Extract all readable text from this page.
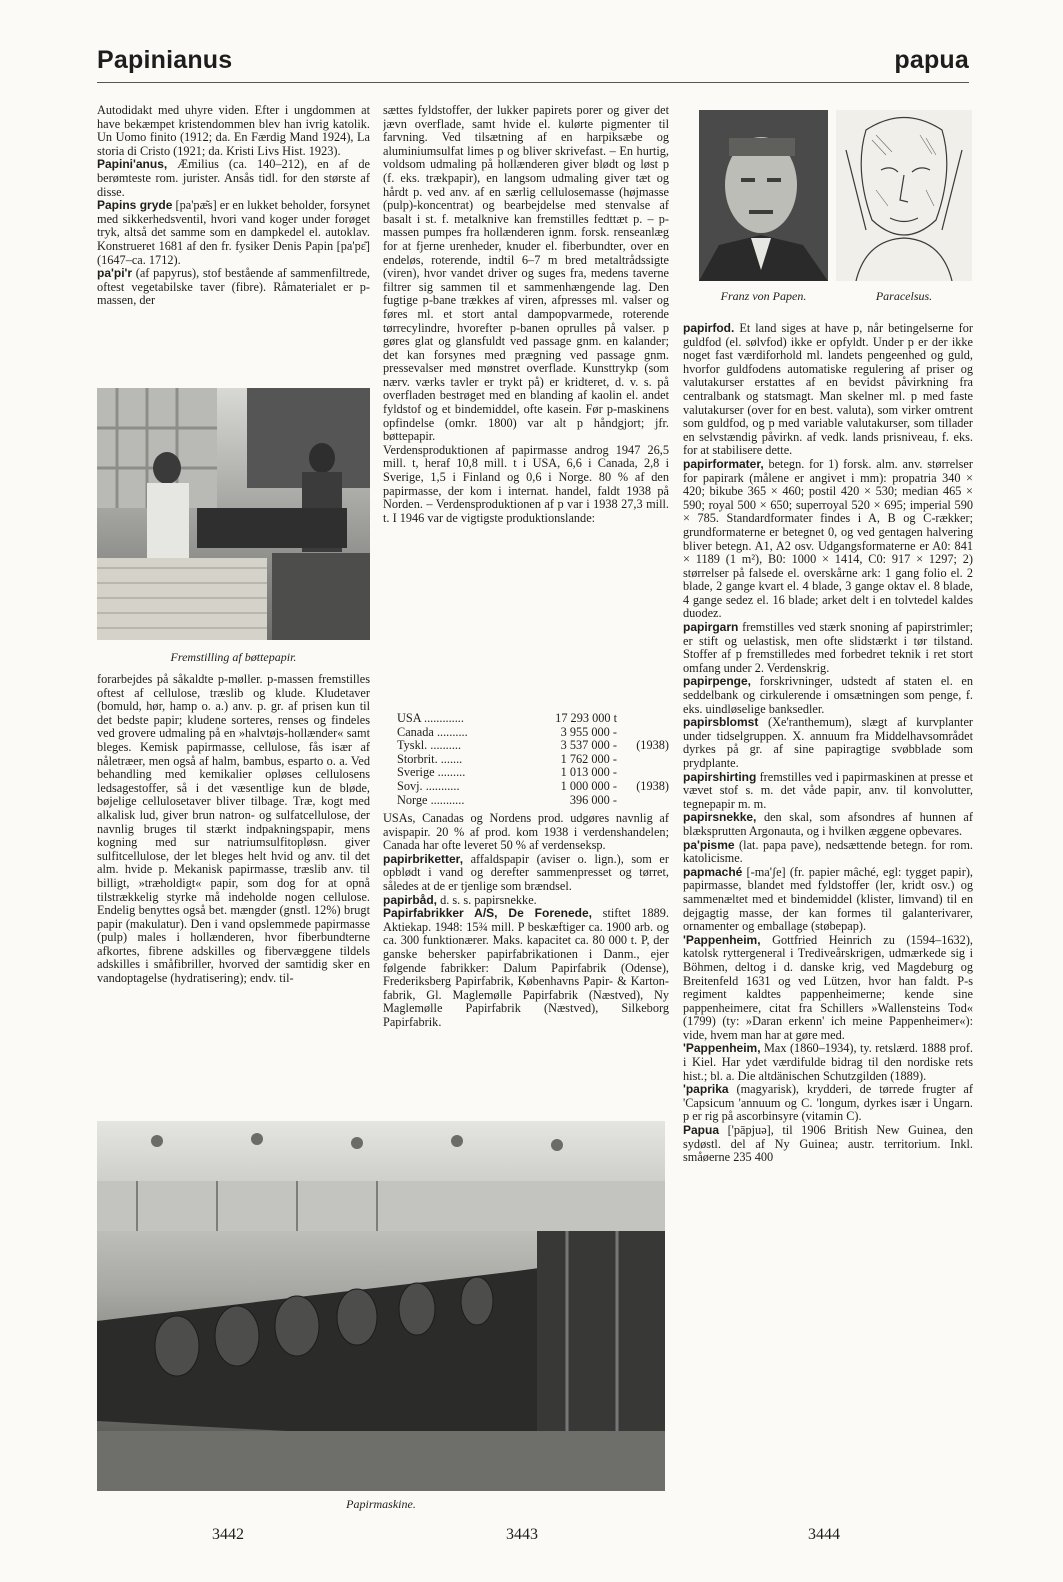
Papinianus	papua

Autodidakt med uhyre viden. Efter i ungdommen at have bekæmpet kristendommen blev han ivrig katolik. Un Uomo finito (1912; da. En Færdig Mand 1924), La storia di Cristo (1921; da. Kristi Livs Hist. 1923).

Papini'anus, Æmilius (ca. 140–212), en af de berømteste rom. jurister. Ansås tidl. for den største af disse.

Papins gryde [pa'pæ͂s] er en lukket beholder, forsynet med sikkerhedsventil, hvori vand koger under forøget tryk, altså det samme som en dampkedel el. autoklav. Konstrueret 1681 af den fr. fysiker Denis Papin [pa'pɛ͂] (1647–ca. 1712).

pa'pi'r (af papyrus), stof bestående af sammenfiltrede, oftest vegetabilske taver (fibre). Råmaterialet er p-massen, der

Fremstilling af bøttepapir.

forarbejdes på såkaldte p-møller. p-massen fremstilles oftest af cellulose, træslib og klude. Kludetaver (bomuld, hør, hamp o. a.) anv. p. gr. af prisen kun til det bedste papir; kludene sorteres, renses og findeles ved grovere udmaling på en »halvtøjs-hollænder« samt bleges. Kemisk papirmasse, cellulose, fås især af nåletræer, men også af halm, bambus, esparto o. a. Ved behandling med kemikalier opløses cellulosens ledsagestoffer, så i det væsentlige kun de bløde, bøjelige cellulosetaver bliver tilbage. Træ, kogt med alkalisk lud, giver brun natron- og sulfatcellulose, der navnlig bruges til stærkt indpakningspapir, mens kogning med sur natriumsulfitopløsn. giver sulfitcellulose, der let bleges helt hvid og anv. til det alm. hvide p. Mekanisk papirmasse, træslib anv. til billigt, »træholdigt« papir, som dog for at opnå tilstrækkelig styrke må indeholde nogen cellulose. Endelig benyttes også bet. mængder (gnstl. 12%) brugt papir (makulatur). Den i vand opslemmede papirmasse (pulp) males i hollænderen, hvor fiberbundterne afkortes, fibrene adskilles og fibervæggene tildels adskilles i småfibriller, hvorved der samtidig sker en vandoptagelse (hydratisering); endv. til-

sættes fyldstoffer, der lukker papirets porer og giver det jævn overflade, samt hvide el. kulørte pigmenter til farvning. Ved tilsætning af en harpiksæbe og aluminiumsulfat limes p og bliver skrivefast. – En hurtig, voldsom udmaling på hollænderen giver blødt og løst p (f. eks. trækpapir), en langsom udmaling giver tæt og hårdt p. ved anv. af en særlig cellulosemasse (højmasse (pulp)-koncentrat) og bearbejdelse med stenvalse af basalt i st. f. metalknive kan fremstilles fedttæt p. – p-massen pumpes fra hollænderen ignm. forsk. renseanlæg for at fjerne urenheder, knuder el. fiberbundter, over en endeløs, roterende, indtil 6–7 m bred metaltrådssigte (viren), hvor vandet driver og suges fra, medens taverne filtrer sig sammen til et sammenhængende lag. Den fugtige p-bane trækkes af viren, afpresses ml. valser og føres ml. et stort antal dampopvarmede, roterende tørrecylindre, hvorefter p-banen oprulles på valser. p gøres glat og glansfuldt ved passage gnm. en kalander; det kan forsynes med prægning ved passage gnm. pressevalser med mønstret overflade. Kunsttrykp (som nærv. værks tavler er trykt på) er kridteret, d. v. s. på overfladen bestrøget med en blanding af kaolin el. andet fyldstof og et bindemiddel, ofte kasein. Før p-maskinens opfindelse (omkr. 1800) var alt p håndgjort; jfr. bøttepapir.

Verdensproduktionen af papirmasse androg 1947 26,5 mill. t, heraf 10,8 mill. t i USA, 6,6 i Canada, 2,8 i Sverige, 1,5 i Finland og 0,6 i Norge. 80 % af den papirmasse, der kom i internat. handel, faldt 1938 på Norden. – Verdensproduktionen af p var i 1938 27,3 mill. t. I 1946 var de vigtigste produktionslande:

USA .............	17 293 000 t	
Canada ..........	3 955 000 -	
Tyskl. ..........	3 537 000 -	(1938)
Storbrit. .......	1 762 000 -	
Sverige .........	1 013 000 -	
Sovj. ...........	1 000 000 -	(1938)
Norge ...........	396 000 -	

USAs, Canadas og Nordens prod. udgøres navnlig af avispapir. 20 % af prod. kom 1938 i verdenshandelen; Canada har ofte leveret 50 % af verdenseksp.

papirbriketter, affaldspapir (aviser o. lign.), som er opblødt i vand og derefter sammenpresset og tørret, således at de er tjenlige som brændsel.

papirbåd, d. s. s. papirsnekke.

Papirfabrikker A/S, De Forenede, stiftet 1889. Aktiekap. 1948: 15¾ mill. P beskæftiger ca. 1900 arb. og ca. 300 funktionærer. Maks. kapacitet ca. 80 000 t. P, der ganske behersker papirfabrikationen i Danm., ejer følgende fabrikker: Dalum Papirfabrik (Odense), Frederiksberg Papirfabrik, Københavns Papir- & Karton-fabrik, Gl. Maglemølle Papirfabrik (Næstved), Ny Maglemølle Papirfabrik (Næstved), Silkeborg Papirfabrik.

Franz von Papen.	Paracelsus.

papirfod. Et land siges at have p, når betingelserne for guldfod (el. sølvfod) ikke er opfyldt. Under p er der ikke noget fast værdiforhold ml. landets pengeenhed og guld, hvorfor guldfodens automatiske regulering af priser og valutakurser erstattes af en bevidst påvirkning fra centralbank og statsmagt. Man skelner ml. p med faste valutakurser (over for en best. valuta), som virker omtrent som guldfod, og p med variable valutakurser, som tillader en selvstændig påvirkn. af vedk. lands prisniveau, f. eks. for at stabilisere dette.

papirformater, betegn. for 1) forsk. alm. anv. størrelser for papirark (målene er angivet i mm): propatria 340 × 420; bikube 365 × 460; postil 420 × 530; median 465 × 590; royal 500 × 650; superroyal 520 × 695; imperial 590 × 785. Standardformater findes i A, B og C-rækker; grundformaterne er betegnet 0, og ved gentagen halvering bliver betegn. A1, A2 osv. Udgangsformaterne er A0: 841 × 1189 (1 m²), B0: 1000 × 1414, C0: 917 × 1297; 2) størrelser på falsede el. overskårne ark: 1 gang folio el. 2 blade, 2 gange kvart el. 4 blade, 3 gange oktav el. 8 blade, 4 gange sedez el. 16 blade; arket delt i en tolvtedel kaldes duodez.

papirgarn fremstilles ved stærk snoning af papirstrimler; er stift og uelastisk, men ofte slidstærkt i tør tilstand. Stoffer af p fremstilledes med forbedret teknik i ret stort omfang under 2. Verdenskrig.

papirpenge, forskrivninger, udstedt af staten el. en seddelbank og cirkulerende i omsætningen som penge, f. eks. uindløselige banksedler.

papirsblomst (Xe'ranthemum), slægt af kurvplanter under tidselgruppen. X. annuum fra Middelhavsområdet dyrkes på gr. af sine papiragtige svøbblade som prydplante.

papirshirting fremstilles ved i papirmaskinen at presse et vævet stof s. m. det våde papir, anv. til konvolutter, tegnepapir m. m.

papirsnekke, den skal, som afsondres af hunnen af blæksprutten Argonauta, og i hvilken æggene opbevares.

pa'pisme (lat. papa pave), nedsættende betegn. for rom. katolicisme.

papmaché [-ma'ʃe] (fr. papier mâché, egl: tygget papir), papirmasse, blandet med fyldstoffer (ler, kridt osv.) og sammenæltet med et bindemiddel (klister, limvand) til en dejgagtig masse, der kan formes til galanterivarer, ornamenter og emballage (støbepap).

'Pappenheim, Gottfried Heinrich zu (1594–1632), katolsk ryttergeneral i Trediveårskrigen, udmærkede sig i Böhmen, deltog i d. danske krig, ved Magdeburg og Breitenfeld 1631 og ved Lützen, hvor han faldt. P-s regiment kaldtes pappenheimerne; kende sine pappenheimere, citat fra Schillers »Wallensteins Tod« (1799) (ty: »Daran erkenn' ich meine Pappenheimer«): vide, hvem man har at gøre med.

'Pappenheim, Max (1860–1934), ty. retslærd. 1888 prof. i Kiel. Har ydet værdifulde bidrag til den nordiske rets hist.; bl. a. Die altdänischen Schutzgilden (1889).

'paprika (magyarisk), krydderi, de tørrede frugter af 'Capsicum 'annuum og C. 'longum, dyrkes især i Ungarn. p er rig på ascorbinsyre (vitamin C).

Papua ['pāpjuə], til 1906 British New Guinea, den sydøstl. del af Ny Guinea; austr. territorium. Inkl. småøerne 235 400

Papirmaskine.
3442	3443	3444
